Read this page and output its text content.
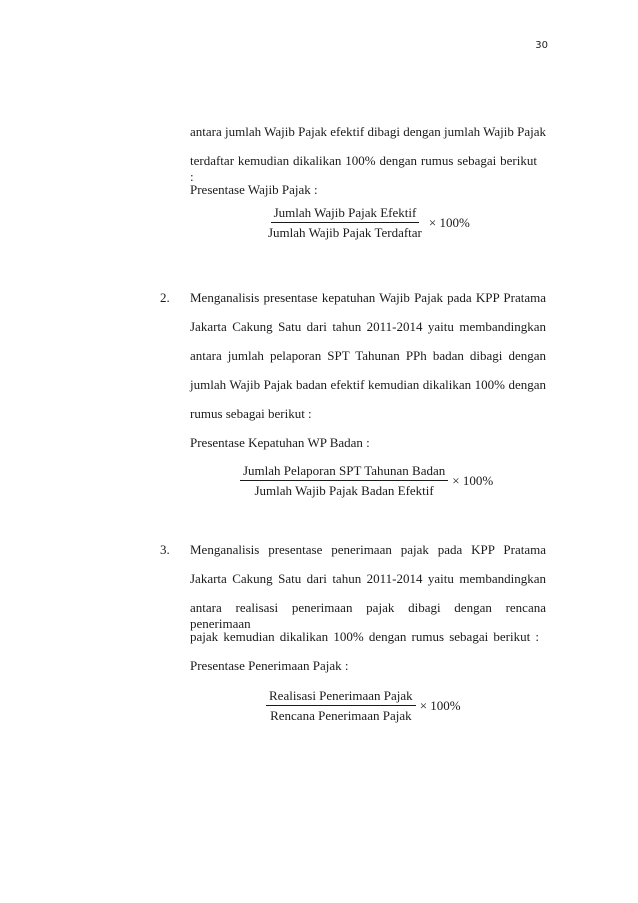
30
antara jumlah Wajib Pajak efektif dibagi dengan jumlah Wajib Pajak
terdaftar kemudian dikalikan 100% dengan rumus sebagai berikut :
Presentase Wajib Pajak :
$\frac{\text{Jumlah Wajib Pajak Efektif}}{\text{Jumlah Wajib Pajak Terdaftar}} \times 100\%$
2. Menganalisis presentase kepatuhan Wajib Pajak pada KPP Pratama
Jakarta Cakung Satu dari tahun 2011-2014 yaitu membandingkan
antara jumlah pelaporan SPT Tahunan PPh badan dibagi dengan
jumlah Wajib Pajak badan efektif kemudian dikalikan 100% dengan
rumus sebagai berikut :
Presentase Kepatuhan WP Badan :
$\frac{\text{Jumlah Pelaporan SPT Tahunan Badan}}{\text{Jumlah Wajib Pajak Badan Efektif}} \times 100\%$
3. Menganalisis presentase penerimaan pajak pada KPP Pratama
Jakarta Cakung Satu dari tahun 2011-2014 yaitu membandingkan
antara realisasi penerimaan pajak dibagi dengan rencana penerimaan
pajak kemudian dikalikan 100% dengan rumus sebagai berikut :
Presentase Penerimaan Pajak :
$\frac{\text{Realisasi Penerimaan Pajak}}{\text{Rencana Penerimaan Pajak}} \times 100\%$
